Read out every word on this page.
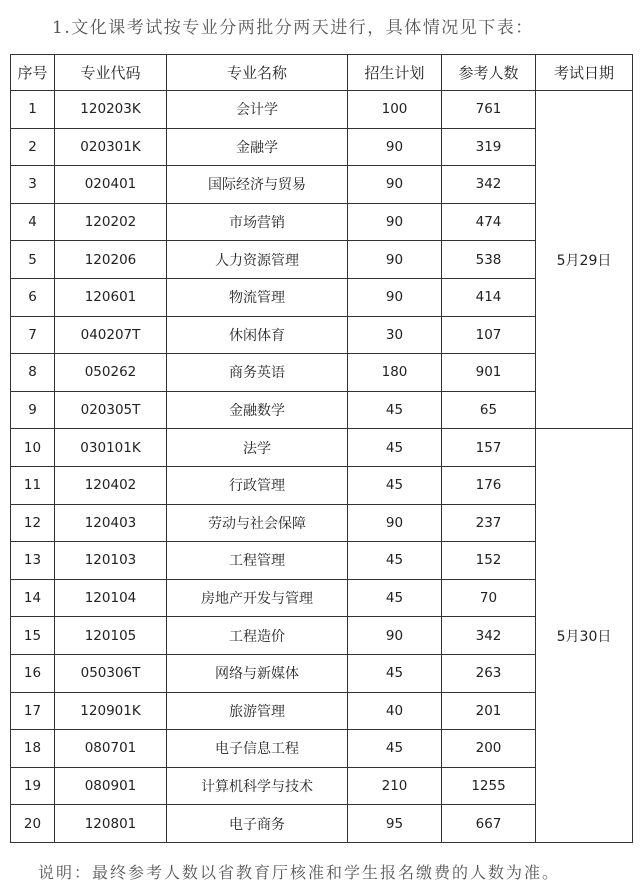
1.文化课考试按专业分两批分两天进行，具体情况见下表：
序号	专业代码	专业名称	招生计划	参考人数	考试日期
1	120203K	会计学	100	761	5月29日
2	020301K	金融学	90	319	
3	020401	国际经济与贸易	90	342	
4	120202	市场营销	90	474	
5	120206	人力资源管理	90	538	
6	120601	物流管理	90	414	
7	040207T	休闲体育	30	107	
8	050262	商务英语	180	901	
9	020305T	金融数学	45	65	
10	030101K	法学	45	157	5月30日
11	120402	行政管理	45	176	
12	120403	劳动与社会保障	90	237	
13	120103	工程管理	45	152	
14	120104	房地产开发与管理	45	70	
15	120105	工程造价	90	342	
16	050306T	网络与新媒体	45	263	
17	120901K	旅游管理	40	201	
18	080701	电子信息工程	45	200	
19	080901	计算机科学与技术	210	1255	
20	120801	电子商务	95	667	
说明：最终参考人数以省教育厅核准和学生报名缴费的人数为准。
